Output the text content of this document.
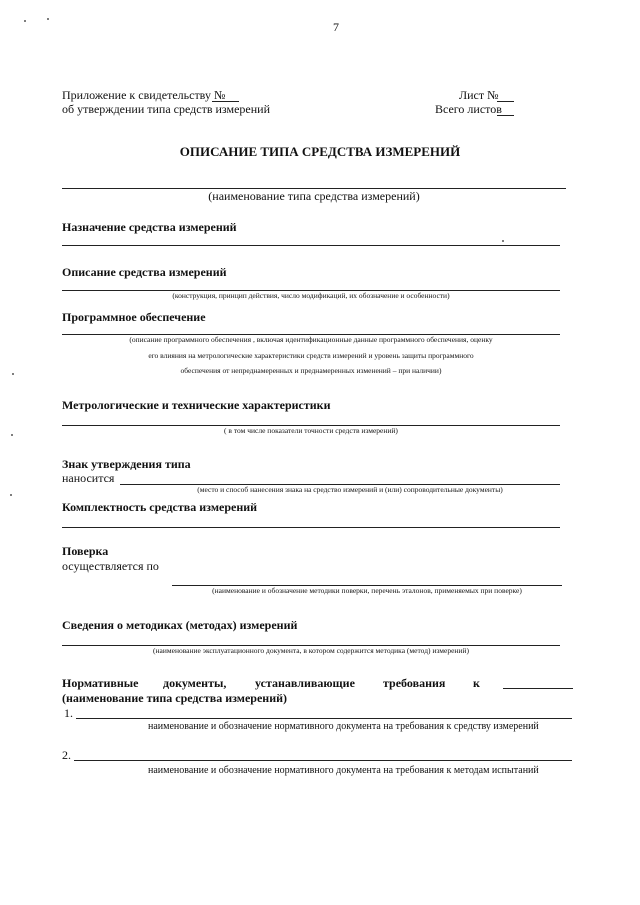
7
Приложение к свидетельству №
об утверждении типа средств измерений
Лист №
Всего листов
ОПИСАНИЕ ТИПА СРЕДСТВА ИЗМЕРЕНИЙ
(наименование типа средства измерений)
Назначение средства измерений
Описание средства измерений
(конструкция, принцип действия, число модификаций, их обозначение и особенности)
Программное обеспечение
(описание программного обеспечения , включая идентификационные данные программного обеспечения, оценку
его влияния на метрологические характеристики средств измерений и уровень защиты программного
обеспечения от непреднамеренных и преднамеренных изменений – при наличии)
Метрологические и технические характеристики
( в том числе показатели точности средств измерений)
Знак утверждения типа
наносится
(место и способ нанесения знака на средство измерений и (или) сопроводительные документы)
Комплектность средства измерений
Поверка
осуществляется по
(наименование и обозначение методики поверки, перечень эталонов, применяемых при поверке)
Сведения о методиках (методах) измерений
(наименование эксплуатационного документа, в котором содержится методика (метод) измерений)
Нормативные документы, устанавливающие требования к
(наименование типа средства измерений)
1.
наименование и обозначение нормативного документа на требования к средству измерений
2.
наименование и обозначение нормативного документа на требования к методам испытаний
